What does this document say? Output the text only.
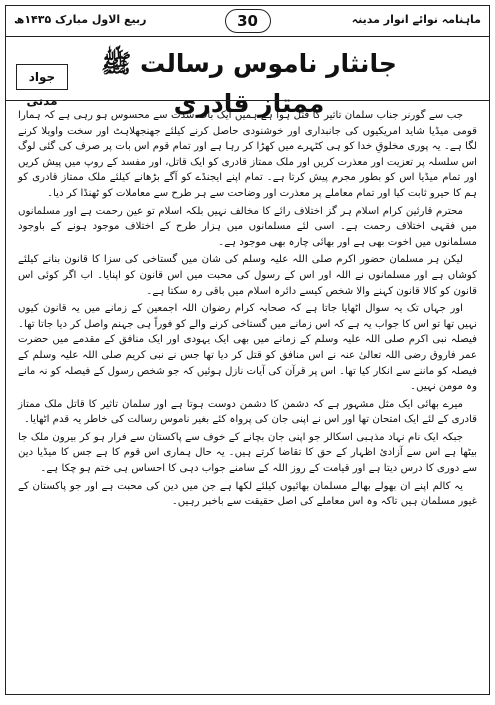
ماہنامہ نوائے انوار مدینہ
30
ربیع الاول مبارک ۱۴۳۵ھ
جانثار ناموس رسالت ﷺ ممتاز قادری
جواد مدنی

جب سے گورنر جناب سلمان تاثیر کا قتل ہوا ہے ہمیں ایک بات شدت سے محسوس ہو رہی ہے کہ ہمارا قومی میڈیا شاید امریکیوں کی جانبداری اور خوشنودی حاصل کرنے کیلئے جھنجھلاہٹ اور سخت واویلا کرنے لگا ہے۔ یہ پوری مخلوقِ خدا کو ہی کٹہرے میں کھڑا کر رہا ہے اور تمام قوم اس بات پر صرف کی گئی لوگ اس سلسلہ پر تعزیت اور معذرت کریں اور ملک ممتاز قادری کو ایک قاتل، اور مفسد کے روپ میں پیش کریں اور تمام میڈیا اس کو بطور مجرم پیش کرتا ہے۔ تمام اپنے ایجنڈے کو آگے بڑھانے کیلئے ملک ممتاز قادری کو ہم کا حیرو ثابت کیا اور تمام معاملے پر معذرت اور وضاحت سے ہر طرح سے معاملات کو ٹھنڈا کر دیا۔

محترم قارئین کرام اسلام ہر گز اختلاف رائے کا مخالف نہیں بلکہ اسلام تو عین رحمت ہے اور مسلمانوں میں فقہی اختلاف رحمت ہے۔ اسی لئے مسلمانوں میں ہزار طرح کے اختلاف موجود ہونے کے باوجود مسلمانوں میں اخوت بھی ہے اور بھائی چارہ بھی موجود ہے۔

لیکن ہر مسلمان حضور اکرم صلی اللہ علیہ وسلم کی شان میں گستاخی کی سزا کا قانون بنانے کیلئے کوشاں ہے اور مسلمانوں نے اللہ اور اس کے رسول کی محبت میں اس قانون کو اپنایا۔ اب اگر کوئی اس قانون کو کالا قانون کہنے والا شخص کیسے دائرہ اسلام میں باقی رہ سکتا ہے۔

اور جہاں تک یہ سوال اٹھایا جاتا ہے کہ صحابہ کرام رضوان اللہ اجمعین کے زمانے میں یہ قانون کیوں نہیں تھا تو اس کا جواب یہ ہے کہ اس زمانے میں گستاخی کرنے والے کو فوراً ہی جہنم واصل کر دیا جاتا تھا۔ فیصلہ نبی اکرم صلی اللہ علیہ وسلم کے زمانے میں بھی ایک یہودی اور ایک منافق کے مقدمے میں حضرت عمر فاروق رضی اللہ تعالیٰ عنہ نے اس منافق کو قتل کر دیا تھا جس نے نبی کریم صلی اللہ علیہ وسلم کے فیصلہ کو ماننے سے انکار کیا تھا۔ اس پر قرآن کی آیات نازل ہوئیں کہ جو شخص رسول کے فیصلہ کو نہ مانے وہ مومن نہیں۔

میرے بھائی ایک مثل مشہور ہے کہ دشمن کا دشمن دوست ہوتا ہے اور سلمان تاثیر کا قاتل ملک ممتاز قادری کے لئے ایک امتحان تھا اور اس نے اپنی جان کی پرواہ کئے بغیر ناموس رسالت کی خاطر یہ قدم اٹھایا۔

جبکہ ایک نام نہاد مذہبی اسکالر جو اپنی جان بچانے کے خوف سے پاکستان سے فرار ہو کر بیرون ملک جا بیٹھا ہے اس سے آزادیٔ اظہار کے حق کا تقاضا کرتے ہیں۔ یہ حال ہماری اس قوم کا ہے جس کا میڈیا دین سے دوری کا درس دیتا ہے اور قیامت کے روز اللہ کے سامنے جواب دہی کا احساس ہی ختم ہو چکا ہے۔

یہ کالم اپنے ان بھولے بھالے مسلمان بھائیوں کیلئے لکھا ہے جن میں دین کی محبت ہے اور جو پاکستان کے غیور مسلمان ہیں تاکہ وہ اس معاملے کی اصل حقیقت سے باخبر رہیں۔
